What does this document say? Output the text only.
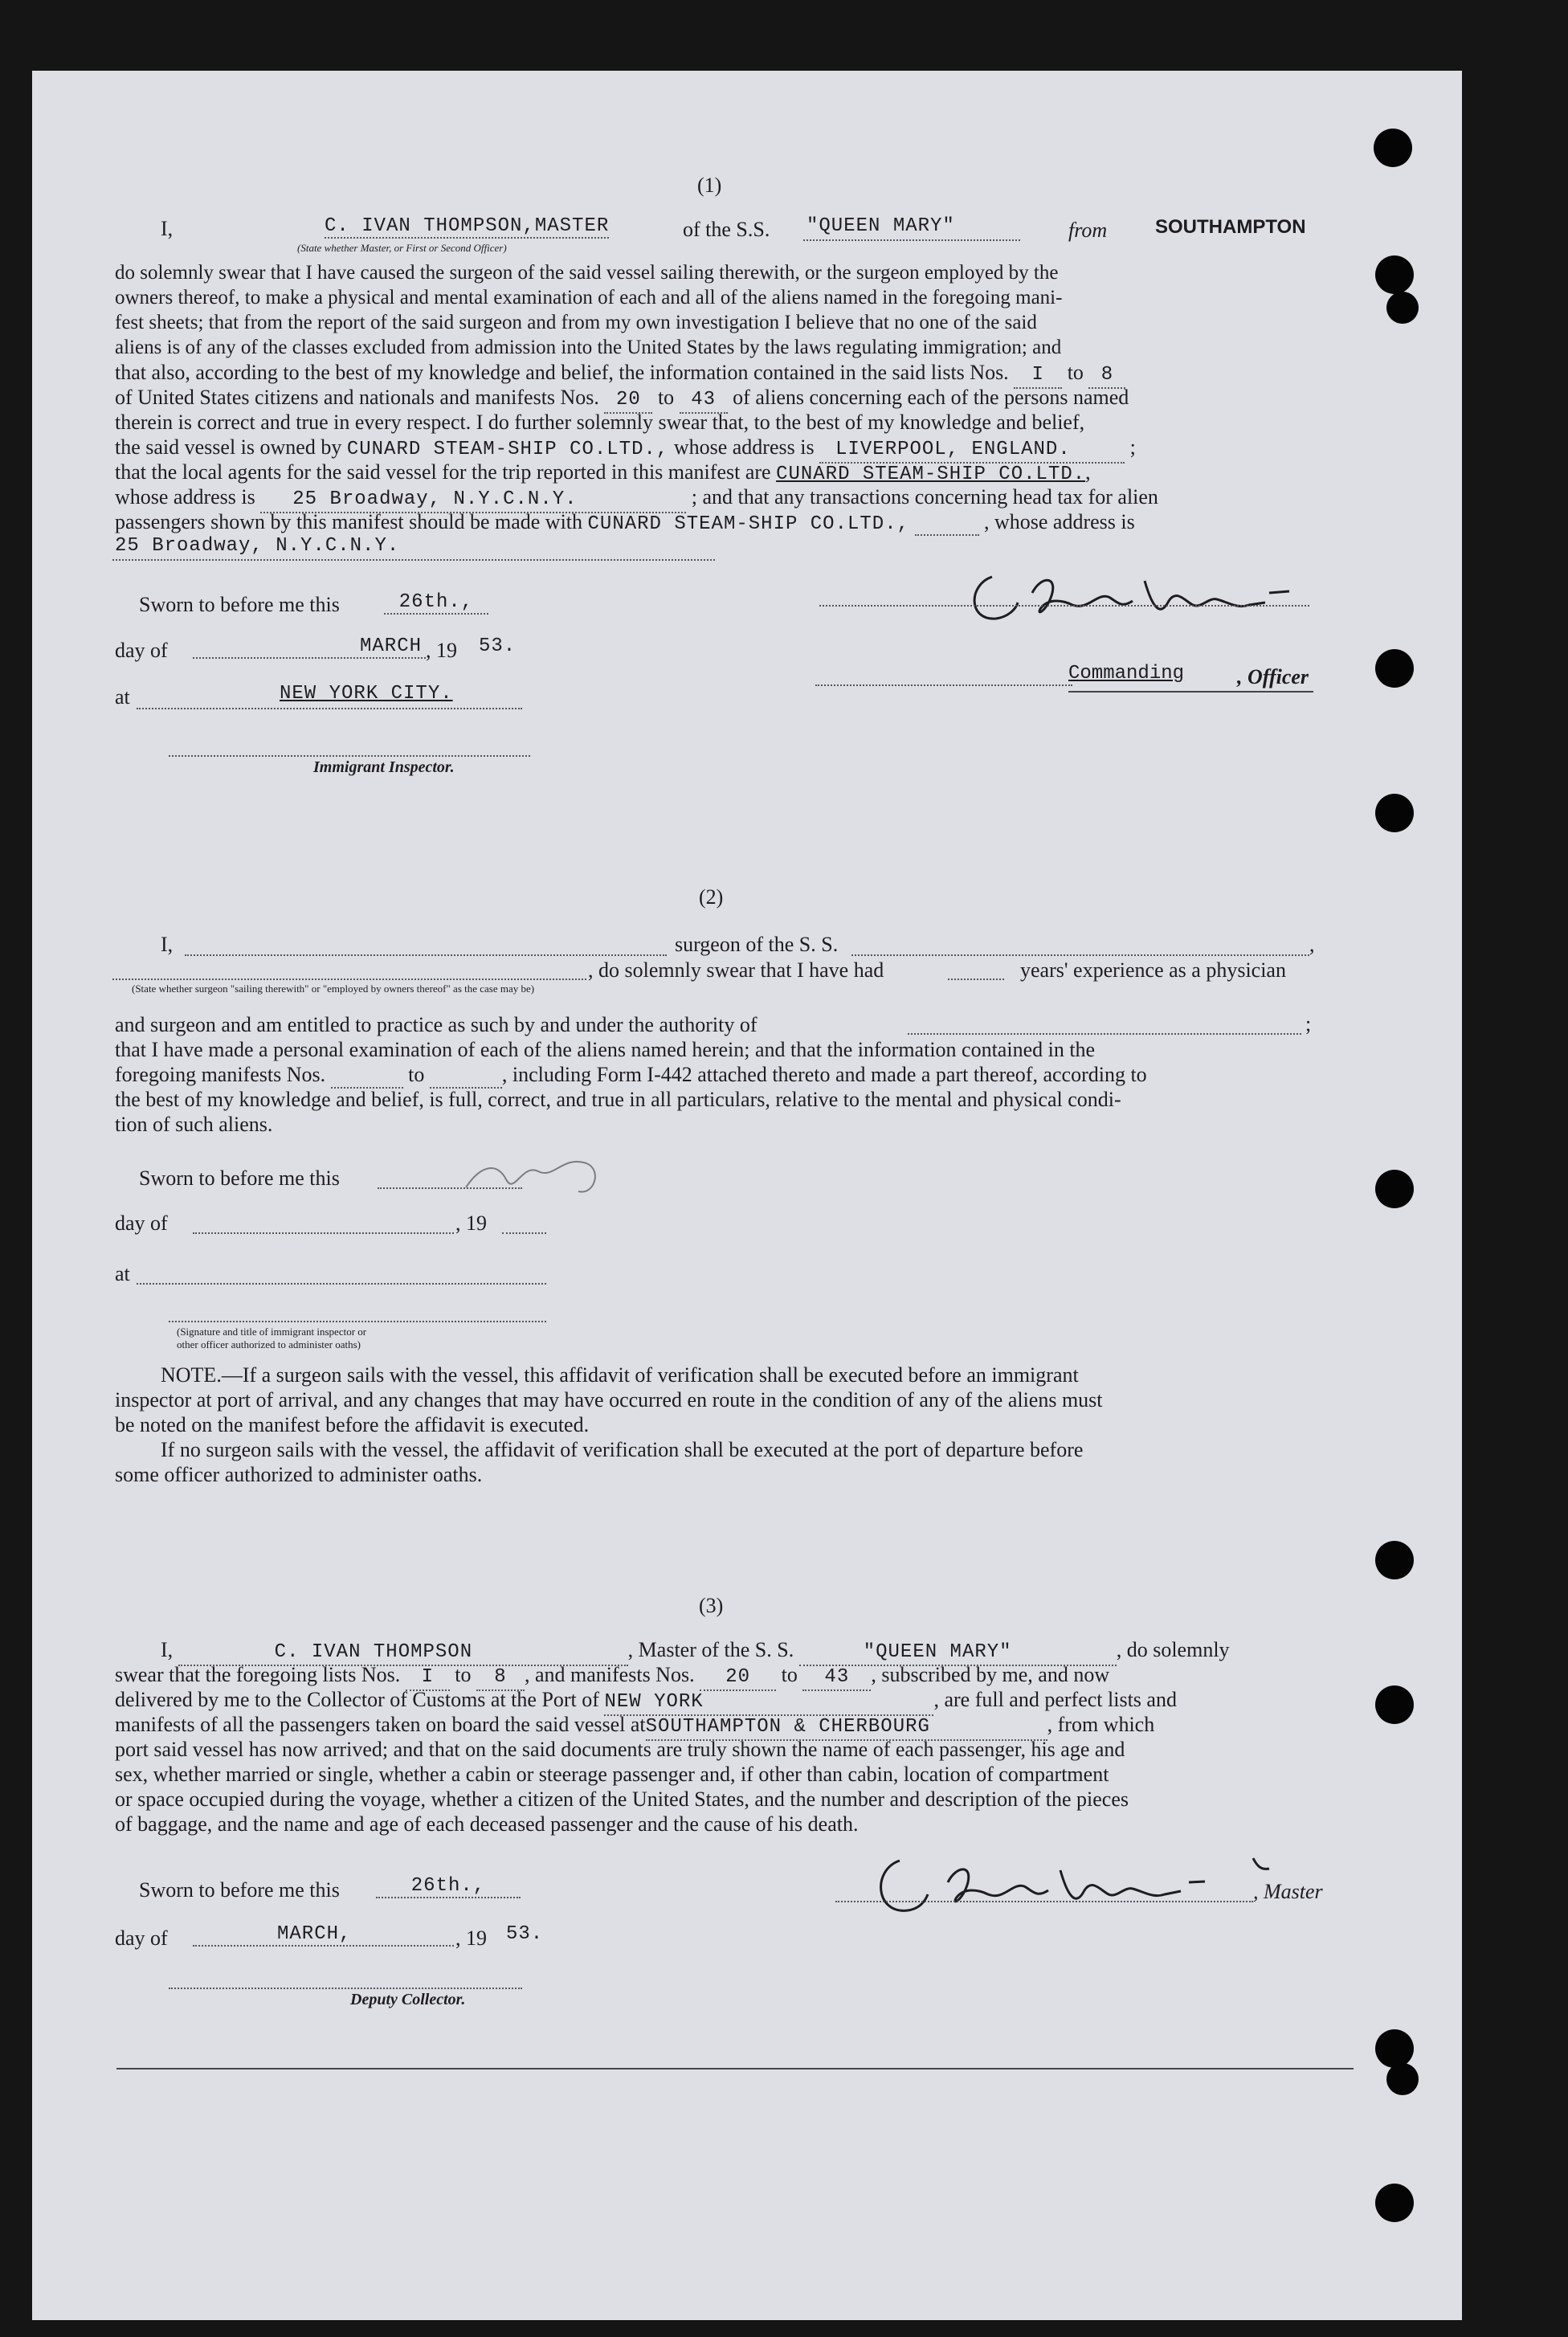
(1)
I,	C. IVAN THOMPSON,MASTER	of the S.S. "QUEEN MARY"	from SOUTHAMPTON
(State whether Master, or First or Second Officer)
do solemnly swear that I have caused the surgeon of the said vessel sailing therewith, or the surgeon employed by the
owners thereof, to make a physical and mental examination of each and all of the aliens named in the foregoing mani-
fest sheets; that from the report of the said surgeon and from my own investigation I believe that no one of the said
aliens is of any of the classes excluded from admission into the United States by the laws regulating immigration; and
that also, according to the best of my knowledge and belief, the information contained in the said lists Nos. I to 8
of United States citizens and nationals and manifests Nos. 20 to 43 of aliens concerning each of the persons named
therein is correct and true in every respect. I do further solemnly swear that, to the best of my knowledge and belief,
the said vessel is owned by CUNARD STEAM-SHIP CO.LTD., whose address is LIVERPOOL, ENGLAND.	;
that the local agents for the said vessel for the trip reported in this manifest are CUNARD STEAM-SHIP CO.LTD.,
whose address is 25 Broadway, N.Y.C.N.Y.	; and that any transactions concerning head tax for alien
passengers shown by this manifest should be made with CUNARD STEAM-SHIP CO.LTD.,	, whose address is
25 Broadway, N.Y.C.N.Y.
Sworn to before me this	26th.,
day of	MARCH , 19 53.
at	NEW YORK CITY.
Immigrant Inspector.
Commanding	, Officer
(2)
I,	surgeon of the S. S.	,
, do solemnly swear that I have had	years' experience as a physician
(State whether surgeon "sailing therewith" or "employed by owners thereof" as the case may be)
and surgeon and am entitled to practice as such by and under the authority of	;
that I have made a personal examination of each of the aliens named herein; and that the information contained in the
foregoing manifests Nos.	to	, including Form I-442 attached thereto and made a part thereof, according to
the best of my knowledge and belief, is full, correct, and true in all particulars, relative to the mental and physical condi-
tion of such aliens.
Sworn to before me this
day of	, 19
at
(Signature and title of immigrant inspector or
other officer authorized to administer oaths)
NOTE.—If a surgeon sails with the vessel, this affidavit of verification shall be executed before an immigrant
inspector at port of arrival, and any changes that may have occurred en route in the condition of any of the aliens must
be noted on the manifest before the affidavit is executed.
If no surgeon sails with the vessel, the affidavit of verification shall be executed at the port of departure before
some officer authorized to administer oaths.
(3)
I,	C. IVAN THOMPSON	, Master of the S. S.	"QUEEN MARY"	, do solemnly
swear that the foregoing lists Nos. I to 8 , and manifests Nos. 20 to 43 , subscribed by me, and now
delivered by me to the Collector of Customs at the Port of NEW YORK	, are full and perfect lists and
manifests of all the passengers taken on board the said vessel atSOUTHAMPTON & CHERBOURG	, from which
port said vessel has now arrived; and that on the said documents are truly shown the name of each passenger, his age and
sex, whether married or single, whether a cabin or steerage passenger and, if other than cabin, location of compartment
or space occupied during the voyage, whether a citizen of the United States, and the number and description of the pieces
of baggage, and the name and age of each deceased passenger and the cause of his death.
, Master
Sworn to before me this	26th.,
day of	MARCH,	, 19 53.
Deputy Collector.
